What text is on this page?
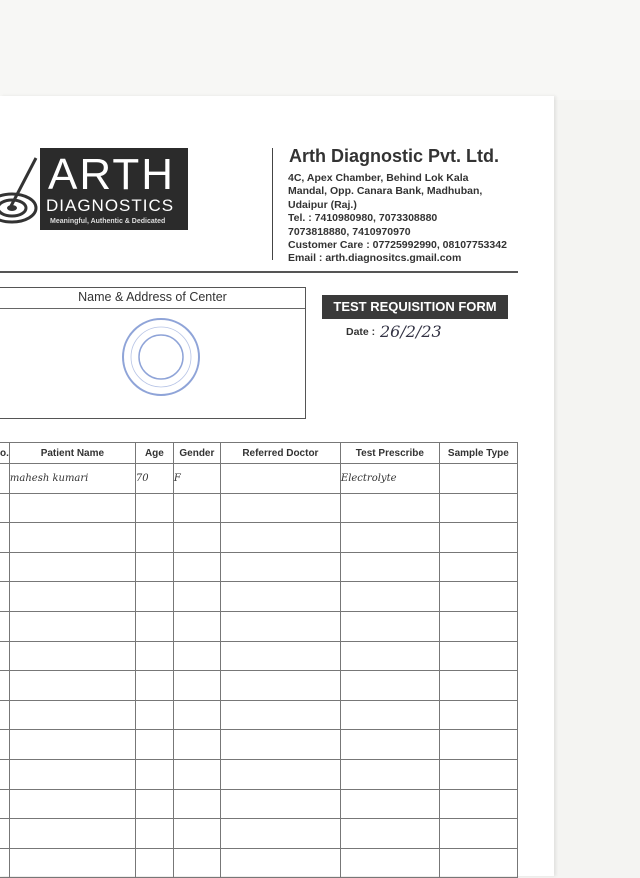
ARTH
DIAGNOSTICS
Meaningful, Authentic & Dedicated
Arth Diagnostic Pvt. Ltd.
4C, Apex Chamber, Behind Lok Kala
Mandal, Opp. Canara Bank, Madhuban,
Udaipur (Raj.)
Tel. : 7410980980, 7073308880
7073818880, 7410970970
Customer Care : 07725992990, 08107753342
Email : arth.diagnositcs.gmail.com
Name & Address of Center
TEST REQUISITION FORM
Date : 26/2/23
o.	Patient Name	Age	Gender	Referred Doctor	Test Prescribe	Sample Type
	mahesh kumari	70	F		Electrolyte	
